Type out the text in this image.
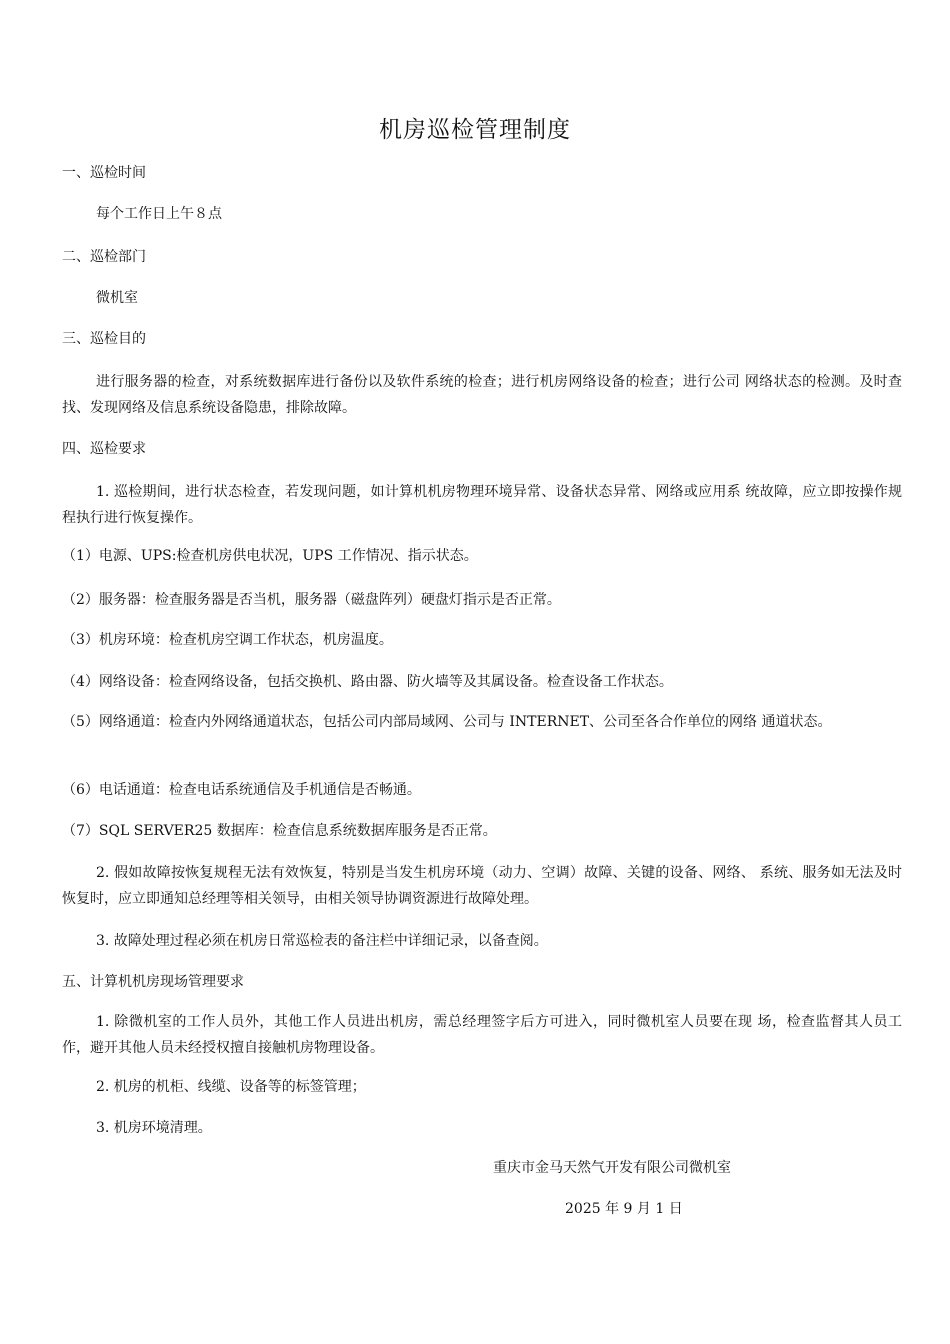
机房巡检管理制度
一、巡检时间
每个工作日上午８点
二、巡检部门
微机室
三、巡检目的
进行服务器的检查，对系统数据库进行备份以及软件系统的检查；进行机房网络设备的检查；进行公司 网络状态的检测。及时查找、发现网络及信息系统设备隐患，排除故障。
四、巡检要求
1. 巡检期间，进行状态检查，若发现问题，如计算机机房物理环境异常、设备状态异常、网络或应用系 统故障，应立即按操作规程执行进行恢复操作。
（1）电源、UPS:检查机房供电状况，UPS 工作情况、指示状态。
（2）服务器：检查服务器是否当机，服务器（磁盘阵列）硬盘灯指示是否正常。
（3）机房环境：检查机房空调工作状态，机房温度。
（4）网络设备：检查网络设备，包括交换机、路由器、防火墙等及其属设备。检查设备工作状态。
（5）网络通道：检查内外网络通道状态，包括公司内部局域网、公司与 INTERNET、公司至各合作单位的网络 通道状态。
（6）电话通道：检查电话系统通信及手机通信是否畅通。
（7）SQL SERVER25 数据库：检查信息系统数据库服务是否正常。
2. 假如故障按恢复规程无法有效恢复，特别是当发生机房环境（动力、空调）故障、关键的设备、网络、 系统、服务如无法及时恢复时，应立即通知总经理等相关领导，由相关领导协调资源进行故障处理。
3. 故障处理过程必须在机房日常巡检表的备注栏中详细记录，以备查阅。
五、计算机机房现场管理要求
1. 除微机室的工作人员外，其他工作人员进出机房，需总经理签字后方可进入，同时微机室人员要在现 场，检查监督其人员工作，避开其他人员未经授权擅自接触机房物理设备。
2. 机房的机柜、线缆、设备等的标签管理；
3. 机房环境清理。
重庆市金马天然气开发有限公司微机室
2025 年 9 月 1 日
